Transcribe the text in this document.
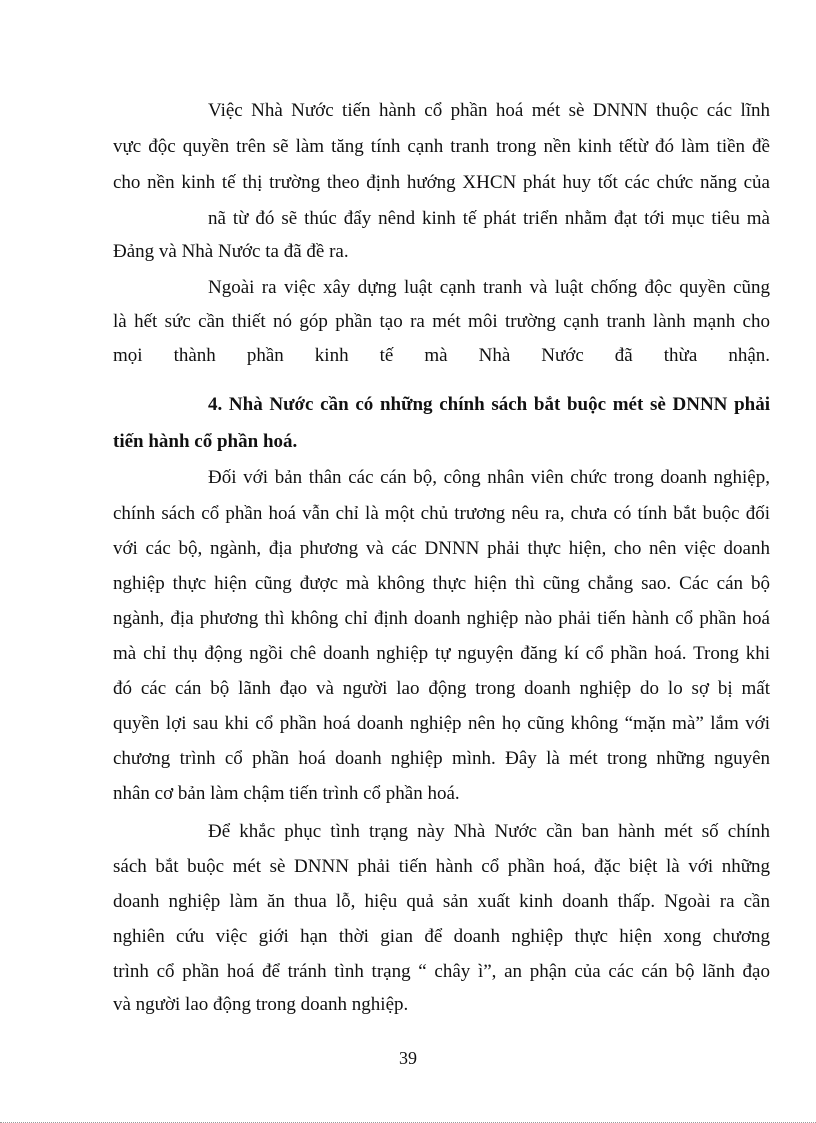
Việc Nhà Nước tiến hành cổ phần hoá mét sè DNNN thuộc các lĩnh
vực độc quyền trên sẽ làm tăng tính cạnh tranh trong nền kinh tếtừ đó làm tiền đề
cho nền kinh tế thị trường theo định hướng XHCN phát huy tốt các chức năng của
nã từ đó sẽ thúc đẩy nênd kinh tế phát triển nhằm đạt tới mục tiêu mà
Đảng và Nhà Nước ta đã đề ra.
Ngoài ra việc xây dựng luật cạnh tranh và luật chống độc quyền cũng
là hết sức cần thiết nó góp phần tạo ra mét môi trường cạnh tranh lành mạnh cho
mọi thành phần kinh tế mà Nhà Nước đã thừa nhận.
4. Nhà Nước cần có những chính sách bắt buộc mét sè DNNN phải
tiến hành cổ phần hoá.
Đối với bản thân các cán bộ, công nhân viên chức trong doanh nghiệp,
chính sách cổ phần hoá vẫn chỉ là một chủ trương nêu ra, chưa có tính bắt buộc đối
với các bộ, ngành, địa phương và các DNNN phải thực hiện, cho nên việc doanh
nghiệp thực hiện cũng được mà không thực hiện thì cũng chẳng sao. Các cán bộ
ngành, địa phương thì không chỉ định doanh nghiệp nào phải tiến hành cổ phần hoá
mà chỉ thụ động ngồi chê doanh nghiệp tự nguyện đăng kí cổ phần hoá. Trong khi
đó các cán bộ lãnh đạo và người lao động trong doanh nghiệp do lo sợ bị mất
quyền lợi sau khi cổ phần hoá doanh nghiệp nên họ cũng không “mặn mà” lắm với
chương trình cổ phần hoá doanh nghiệp mình. Đây là mét trong những nguyên
nhân cơ bản làm chậm tiến trình cổ phần hoá.
Để khắc phục tình trạng này Nhà Nước cần ban hành mét số chính
sách bắt buộc mét sè DNNN phải tiến hành cổ phần hoá, đặc biệt là với những
doanh nghiệp làm ăn thua lỗ, hiệu quả sản xuất kinh doanh thấp. Ngoài ra cần
nghiên cứu việc giới hạn thời gian để doanh nghiệp thực hiện xong chương
trình cổ phần hoá để tránh tình trạng “ chây ì”, an phận của các cán bộ lãnh đạo
và người lao động trong doanh nghiệp.
39
